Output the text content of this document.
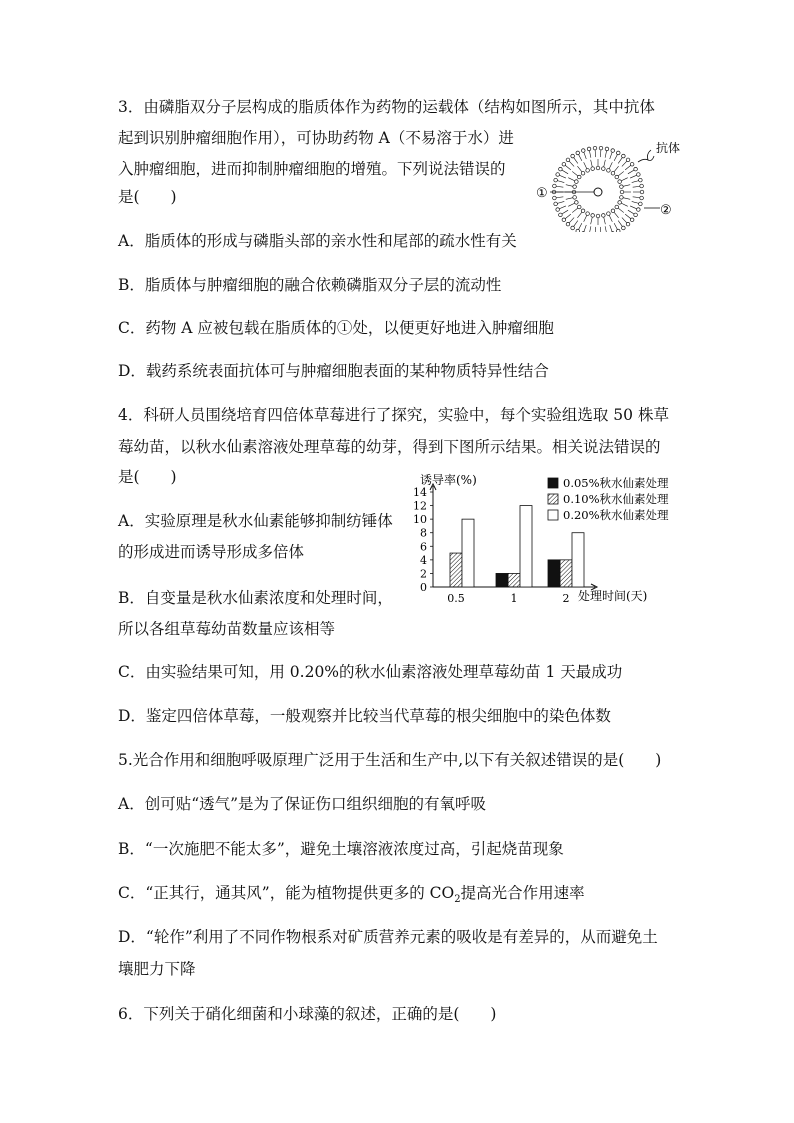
3．由磷脂双分子层构成的脂质体作为药物的运载体（结构如图所示，其中抗体
起到识别肿瘤细胞作用），可协助药物 A（不易溶于水）进
入肿瘤细胞，进而抑制肿瘤细胞的增殖。下列说法错误的
是(　　)	①
②
抗体
A．脂质体的形成与磷脂头部的亲水性和尾部的疏水性有关
B．脂质体与肿瘤细胞的融合依赖磷脂双分子层的流动性
C．药物 A 应被包载在脂质体的①处，以便更好地进入肿瘤细胞
D．载药系统表面抗体可与肿瘤细胞表面的某种物质特异性结合
4．科研人员围绕培育四倍体草莓进行了探究，实验中，每个实验组选取 50 株草
莓幼苗，以秋水仙素溶液处理草莓的幼芽，得到下图所示结果。相关说法错误的
是(　　)
A．实验原理是秋水仙素能够抑制纺锤体
的形成进而诱导形成多倍体
B．自变量是秋水仙素浓度和处理时间，
所以各组草莓幼苗数量应该相等
诱导率(%)
处理时间(天)
0
2
4
6
8
10
12
14
0.5	1	2
0.05%秋水仙素处理
0.10%秋水仙素处理
0.20%秋水仙素处理
C．由实验结果可知，用 0.20%的秋水仙素溶液处理草莓幼苗 1 天最成功
D．鉴定四倍体草莓，一般观察并比较当代草莓的根尖细胞中的染色体数
5.光合作用和细胞呼吸原理广泛用于生活和生产中,以下有关叙述错误的是(　　)
A．创可贴“透气”是为了保证伤口组织细胞的有氧呼吸
B．“一次施肥不能太多”，避免土壤溶液浓度过高，引起烧苗现象
C．“正其行，通其风”，能为植物提供更多的 $CO_2$提高光合作用速率
D．“轮作”利用了不同作物根系对矿质营养元素的吸收是有差异的，从而避免土
壤肥力下降
6．下列关于硝化细菌和小球藻的叙述，正确的是(　　)
